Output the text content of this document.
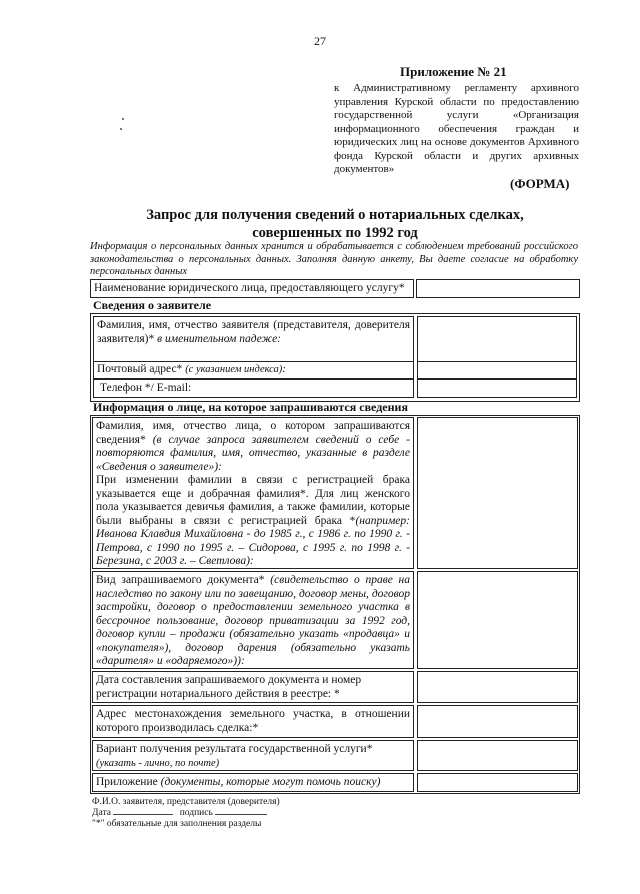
27
Приложение № 21
к Административному регламенту архивного управления Курской области по предоставлению государственной услуги «Организация информационного обеспечения граждан и юридических лиц на основе документов Архивного фонда Курской области и других архивных документов»
(ФОРМА)
Запрос для получения сведений о нотариальных сделках,
совершенных по 1992 год
Информация о персональных данных хранится и обрабатывается с соблюдением требований российского законодательства о персональных данных. Заполняя данную анкету, Вы даете согласие на обработку персональных данных
Наименование юридического лица, предоставляющего услугу*
Сведения о заявителе
Фамилия, имя, отчество заявителя (представителя, доверителя заявителя)* в именительном падеже:
Почтовый адрес* (с указанием индекса):
Телефон */ E-mail:
Информация о лице, на которое запрашиваются сведения
Фамилия, имя, отчество лица, о котором запрашиваются сведения* (в случае запроса заявителем сведений о себе - повторяются фамилия, имя, отчество, указанные в разделе «Сведения о заявителе»):
При изменении фамилии в связи с регистрацией брака указывается еще и добрачная фамилия*. Для лиц женского пола указывается девичья фамилия, а также фамилии, которые были выбраны в связи с регистрацией брака *(например: Иванова Клавдия Михайловна - до 1985 г., с 1986 г. по 1990 г. - Петрова, с 1990 по 1995 г. – Сидорова, с 1995 г. по 1998 г. - Березина, с 2003 г. – Светлова):
Вид запрашиваемого документа* (свидетельство о праве на наследство по закону или по завещанию, договор мены, договор застройки, договор о предоставлении земельного участка в бессрочное пользование, договор приватизации за 1992 год, договор купли – продажи (обязательно указать «продавца» и «покупателя»), договор дарения (обязательно указать «дарителя» и «одаряемого»)):
Дата составления запрашиваемого документа и номер регистрации нотариального действия в реестре: *
Адрес местонахождения земельного участка, в отношении которого производилась сделка:*
Вариант получения результата государственной услуги*
(указать - лично, по почте)
Приложение (документы, которые могут помочь поиску)
Ф.И.О. заявителя, представителя (доверителя)
Дата	подпись
"*" обязательные для заполнения разделы
